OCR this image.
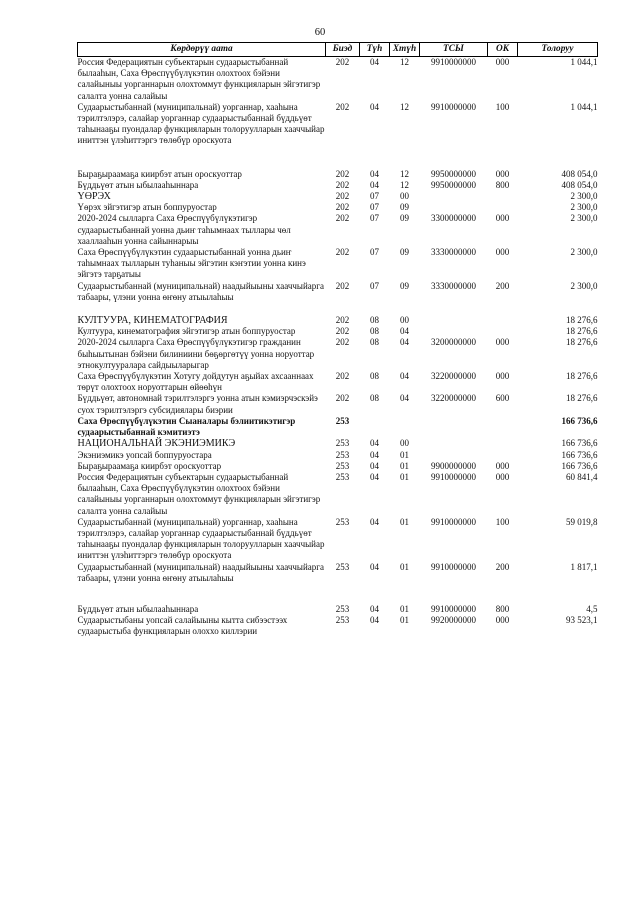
60
Көрдөрүү аата	Биэд	Түһ	Хтүһ	ТСЫ	ОК	Толоруу
Россия Федерациятын субъектарын судаарыстыбаннай былааһын, Саха Өрөспүүбүлүкэтин олохтоох бэйэни салайыныы уорганнарын олохтоммут функцияларын эйгэтигэр салалта уонна салайыы	202	04	12	9910000000	000	1 044,1
Судаарыстыбаннай (муниципальнай) уорганнар, хааһына тэрилтэлэрэ, салайар уорганнар судаарыстыбаннай бүддьүөт таһынааҕы пуондалар функцияларын толоруулларын хааччыйар иниттэн үлэһиттэргэ төлөбүр ороскуота	202	04	12	9910000000	100	1 044,1
Быраҕыраамаҕа киирбэт атын ороскуоттар	202	04	12	9950000000	000	408 054,0
Бүддьүөт атын ыбылааһыннара	202	04	12	9950000000	800	408 054,0
ҮӨРЭХ	202	07	00			2 300,0
Үөрэх эйгэтигэр атын боппуруостар	202	07	09			2 300,0
2020-2024 сылларга Саха Өрөспүүбүлүкэтигэр судаарыстыбаннай уонна дьиҥ таһымнаах тыллары чөл хааллааһын уонна сайыннарыы	202	07	09	3300000000	000	2 300,0
Саха Өрөспүүбүлүкэтин судаарыстыбаннай уонна дьиҥ таһымнаах тылларын туһаныы эйгэтин кэҥэтии уонна кинэ эйгэтэ тарҕатыы	202	07	09	3330000000	000	2 300,0
Судаарыстыбаннай (муниципальнай) наадыйыыны хааччыйарга табаары, үлэни уонна өҥөну атыылаһыы	202	07	09	3330000000	200	2 300,0
КУЛТУУРА, КИНЕМАТОГРАФИЯ	202	08	00			18 276,6
Култуура, кинематография эйгэтигэр атын боппуруостар	202	08	04			18 276,6
2020-2024 сылларга Саха Өрөспүүбүлүкэтигэр гражданин быһыытынан бэйэни билиниини бөҕөргөтүү уонна норуоттар этнокултууралара сайдыыларыгар	202	08	04	3200000000	000	18 276,6
Саха Өрөспүүбүлүкэтин Хотугу дойдутун аҕыйах ахсааннаах төрүт олохтоох норуоттарын өйөөһүн	202	08	04	3220000000	000	18 276,6
Бүддьүөт, автономнай тэрилтэлэргэ уонна атын кэмиэрчэскэйэ суох тэрилтэлэргэ субсидиялары биэрии	202	08	04	3220000000	600	18 276,6
Саха Өрөспүүбүлүкэтин Сыаналары бэлиитикэтигэр судаарыстыбаннай кэмитиэтэ	253					166 736,6
НАЦИОНАЛЬНАЙ ЭКЭНИЭМИКЭ	253	04	00			166 736,6
Экэниэмикэ уопсай боппуруостара	253	04	01			166 736,6
Быраҕыраамаҕа киирбэт ороскуоттар	253	04	01	9900000000	000	166 736,6
Россия Федерациятын субъектарын судаарыстыбаннай былааһын, Саха Өрөспүүбүлүкэтин олохтоох бэйэни салайыныы уорганнарын олохтоммут функцияларын эйгэтигэр салалта уонна салайыы	253	04	01	9910000000	000	60 841,4
Судаарыстыбаннай (муниципальнай) уорганнар, хааһына тэрилтэлэрэ, салайар уорганнар судаарыстыбаннай бүддьүөт таһынааҕы пуондалар функцияларын толоруулларын хааччыйар иниттэн үлэһиттэргэ төлөбүр ороскуота	253	04	01	9910000000	100	59 019,8
Судаарыстыбаннай (муниципальнай) наадыйыыны хааччыйарга табаары, үлэни уонна өҥөну атыылаһыы	253	04	01	9910000000	200	1 817,1
Бүддьүөт атын ыбылааһыннара	253	04	01	9910000000	800	4,5
Судаарыстыбаны уопсай салайыыны кытта сибээстээх судаарыстыба функцияларын олоххо киллэрии	253	04	01	9920000000	000	93 523,1
